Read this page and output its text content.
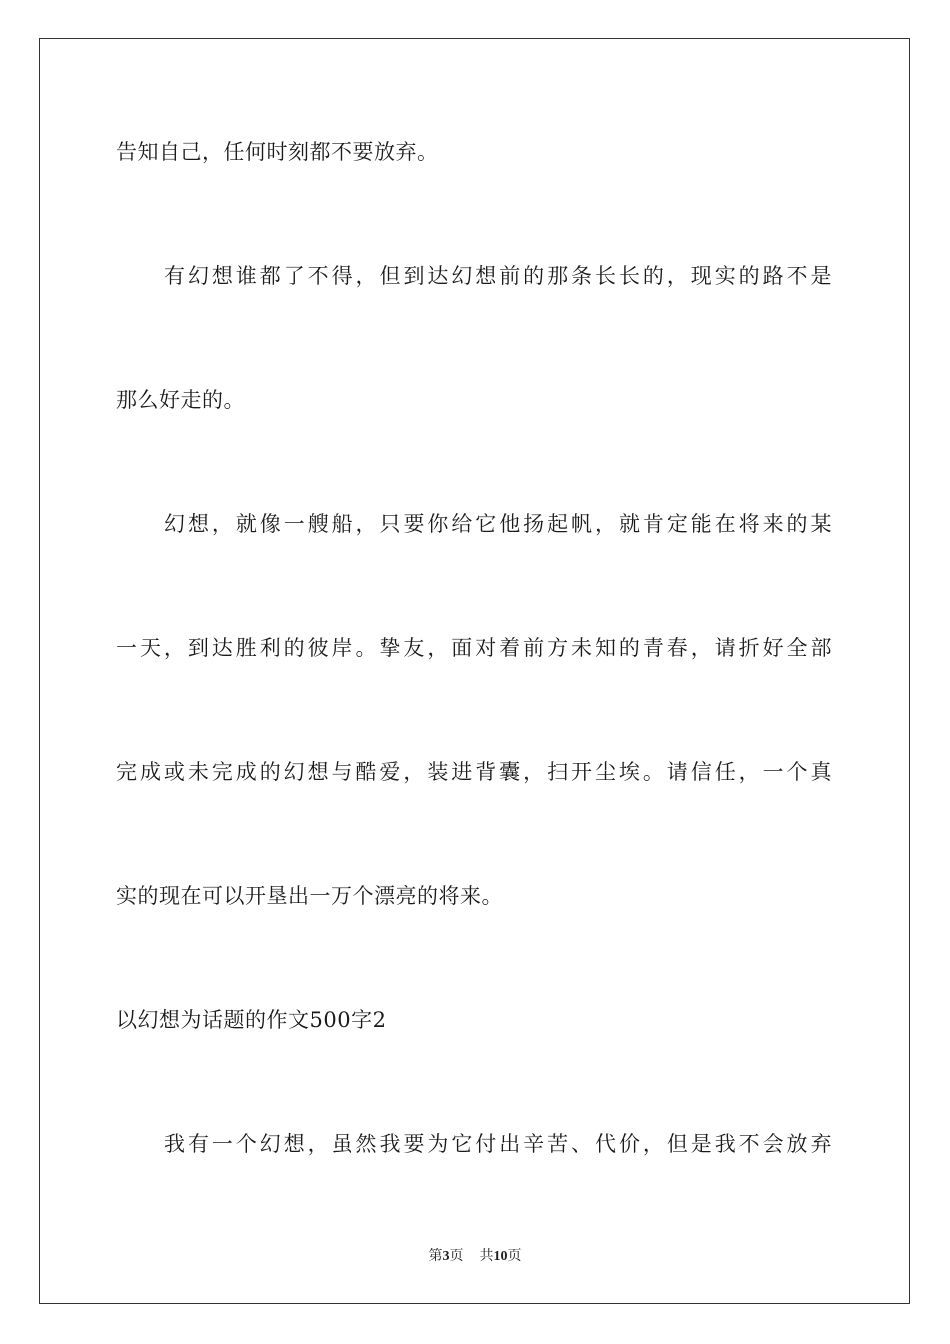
告知自己，任何时刻都不要放弃。
有幻想谁都了不得，但到达幻想前的那条长长的，现实的路不是
那么好走的。
幻想，就像一艘船，只要你给它他扬起帆，就肯定能在将来的某
一天，到达胜利的彼岸。挚友，面对着前方未知的青春，请折好全部
完成或未完成的幻想与酷爱，装进背囊，扫开尘埃。请信任，一个真
实的现在可以开垦出一万个漂亮的将来。
以幻想为话题的作文500字2
我有一个幻想，虽然我要为它付出辛苦、代价，但是我不会放弃
第3页 共10页
